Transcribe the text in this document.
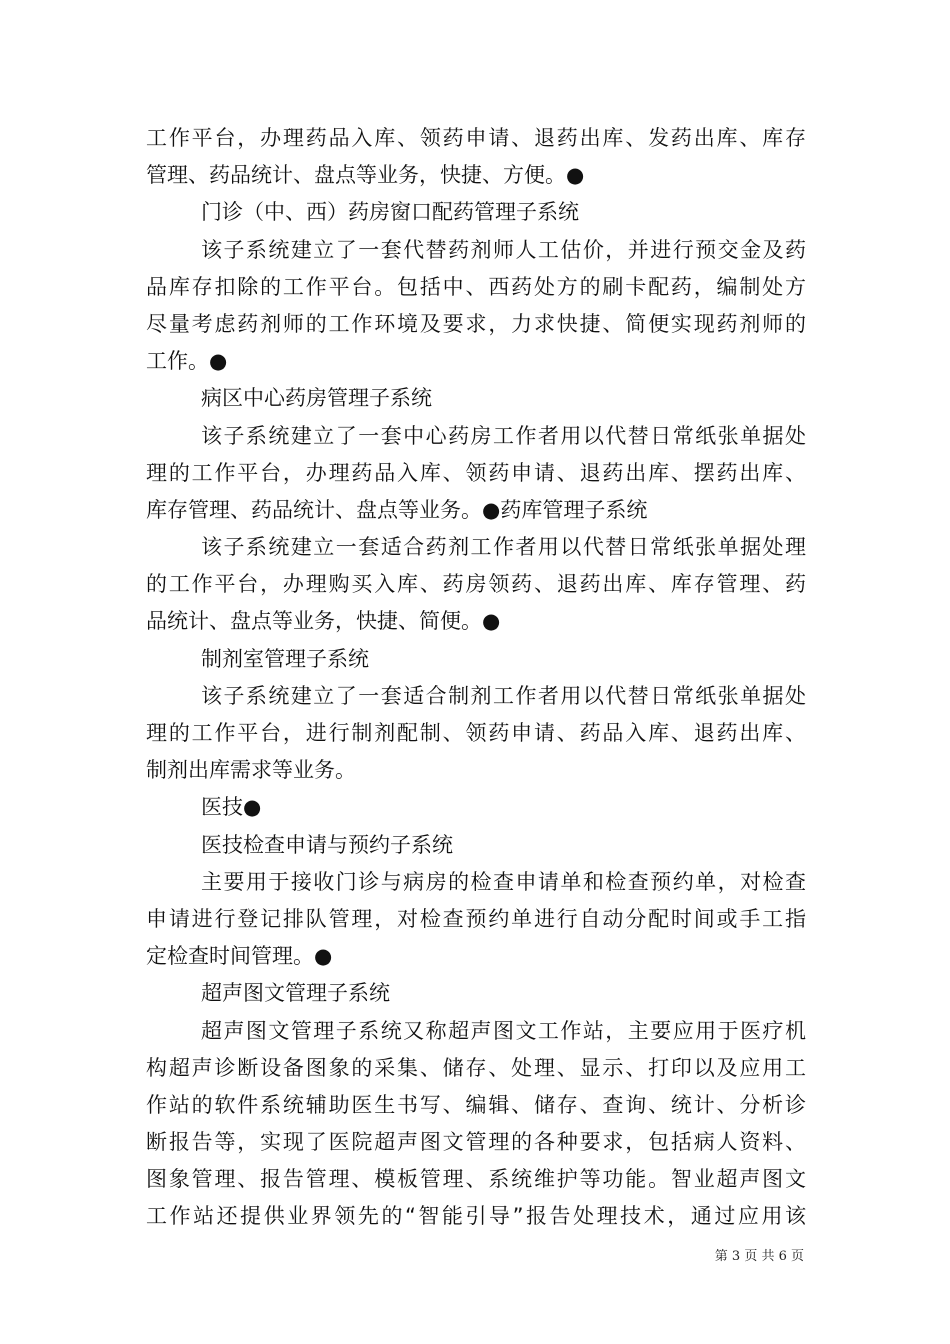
工作平台，办理药品入库、领药申请、退药出库、发药出库、库存
管理、药品统计、盘点等业务，快捷、方便。●
门诊（中、西）药房窗口配药管理子系统
该子系统建立了一套代替药剂师人工估价，并进行预交金及药
品库存扣除的工作平台。包括中、西药处方的刷卡配药，编制处方
尽量考虑药剂师的工作环境及要求，力求快捷、简便实现药剂师的
工作。●
病区中心药房管理子系统
该子系统建立了一套中心药房工作者用以代替日常纸张单据处
理的工作平台，办理药品入库、领药申请、退药出库、摆药出库、
库存管理、药品统计、盘点等业务。●药库管理子系统
该子系统建立一套适合药剂工作者用以代替日常纸张单据处理
的工作平台，办理购买入库、药房领药、退药出库、库存管理、药
品统计、盘点等业务，快捷、简便。●
制剂室管理子系统
该子系统建立了一套适合制剂工作者用以代替日常纸张单据处
理的工作平台，进行制剂配制、领药申请、药品入库、退药出库、
制剂出库需求等业务。
医技●
医技检查申请与预约子系统
主要用于接收门诊与病房的检查申请单和检查预约单，对检查
申请进行登记排队管理，对检查预约单进行自动分配时间或手工指
定检查时间管理。●
超声图文管理子系统
超声图文管理子系统又称超声图文工作站，主要应用于医疗机
构超声诊断设备图象的采集、储存、处理、显示、打印以及应用工
作站的软件系统辅助医生书写、编辑、储存、查询、统计、分析诊
断报告等，实现了医院超声图文管理的各种要求，包括病人资料、
图象管理、报告管理、模板管理、系统维护等功能。智业超声图文
工作站还提供业界领先的“智能引导”报告处理技术，通过应用该
第 3 页 共 6 页
